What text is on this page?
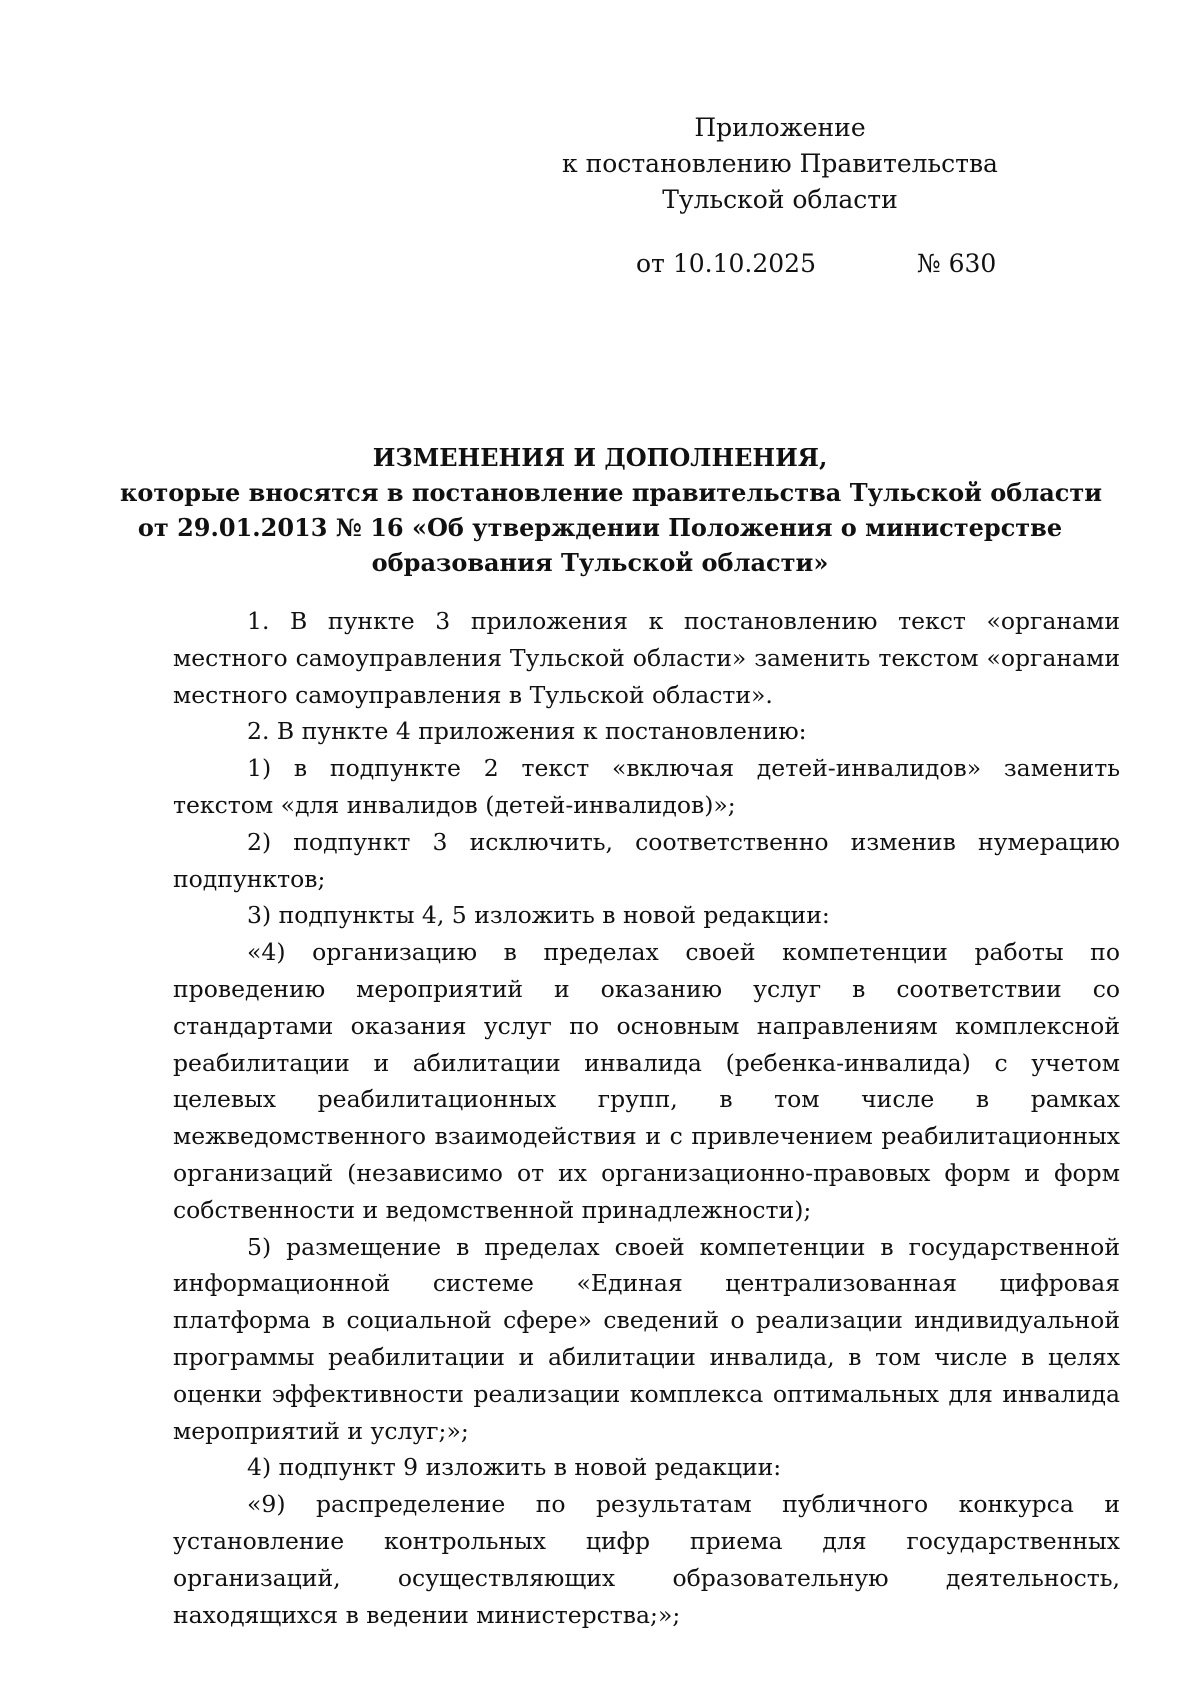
Приложение
к постановлению Правительства
Тульской области
от 10.10.2025	№ 630
ИЗМЕНЕНИЯ И ДОПОЛНЕНИЯ,
которые вносятся в постановление правительства Тульской области
от 29.01.2013 № 16 «Об утверждении Положения о министерстве
образования Тульской области»

1. В пункте 3 приложения к постановлению текст «органами местного самоуправления Тульской области» заменить текстом «органами местного самоуправления в Тульской области».

2. В пункте 4 приложения к постановлению:

1) в подпункте 2 текст «включая детей-инвалидов» заменить текстом «для инвалидов (детей-инвалидов)»;

2) подпункт 3 исключить, соответственно изменив нумерацию подпунктов;

3) подпункты 4, 5 изложить в новой редакции:

«4) организацию в пределах своей компетенции работы по проведению мероприятий и оказанию услуг в соответствии со стандартами оказания услуг по основным направлениям комплексной реабилитации и абилитации инвалида (ребенка-инвалида) с учетом целевых реабилитационных групп, в том числе в рамках межведомственного взаимодействия и с привлечением реабилитационных организаций (независимо от их организационно-правовых форм и форм собственности и ведомственной принадлежности);

5) размещение в пределах своей компетенции в государственной информационной системе «Единая централизованная цифровая платформа в социальной сфере» сведений о реализации индивидуальной программы реабилитации и абилитации инвалида, в том числе в целях оценки эффективности реализации комплекса оптимальных для инвалида мероприятий и услуг;»;

4) подпункт 9 изложить в новой редакции:

«9) распределение по результатам публичного конкурса и установление контрольных цифр приема для государственных организаций, осуществляющих образовательную деятельность, находящихся в ведении министерства;»;
